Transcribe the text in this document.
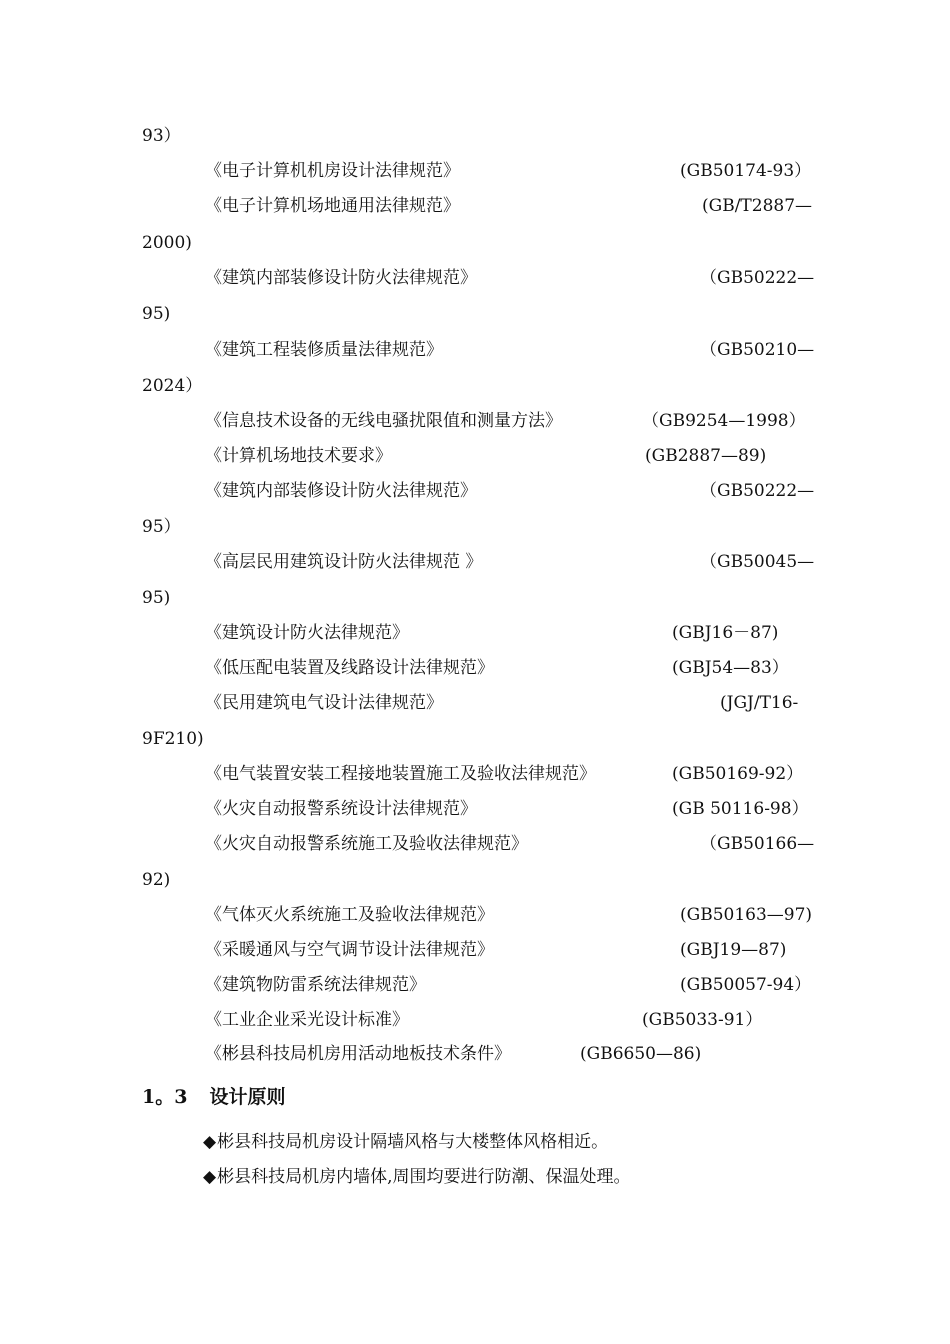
93）
《电子计算机机房设计法律规范》	(GB50174-93）
《电子计算机场地通用法律规范》	(GB/T2887—
2000)
《建筑内部装修设计防火法律规范》	（GB50222—
95)
《建筑工程装修质量法律规范》	（GB50210—
2024）
《信息技术设备的无线电骚扰限值和测量方法》	（GB9254—1998）
《计算机场地技术要求》	(GB2887—89)
《建筑内部装修设计防火法律规范》	（GB50222—
95）
《高层民用建筑设计防火法律规范 》	（GB50045—
95)
《建筑设计防火法律规范》	(GBJ16－87)
《低压配电装置及线路设计法律规范》	(GBJ54—83）
《民用建筑电气设计法律规范》	(JGJ/T16-
9F210)
《电气装置安装工程接地装置施工及验收法律规范》	(GB50169-92）
《火灾自动报警系统设计法律规范》	(GB 50116-98）
《火灾自动报警系统施工及验收法律规范》	（GB50166—
92)
《气体灭火系统施工及验收法律规范》	(GB50163—97)
《采暖通风与空气调节设计法律规范》	(GBJ19—87)
《建筑物防雷系统法律规范》	(GB50057-94）
《工业企业采光设计标准》	(GB5033-91）
《彬县科技局机房用活动地板技术条件》	(GB6650—86)
1。3 设计原则
◆彬县科技局机房设计隔墙风格与大楼整体风格相近。
◆彬县科技局机房内墙体,周围均要进行防潮、保温处理。
